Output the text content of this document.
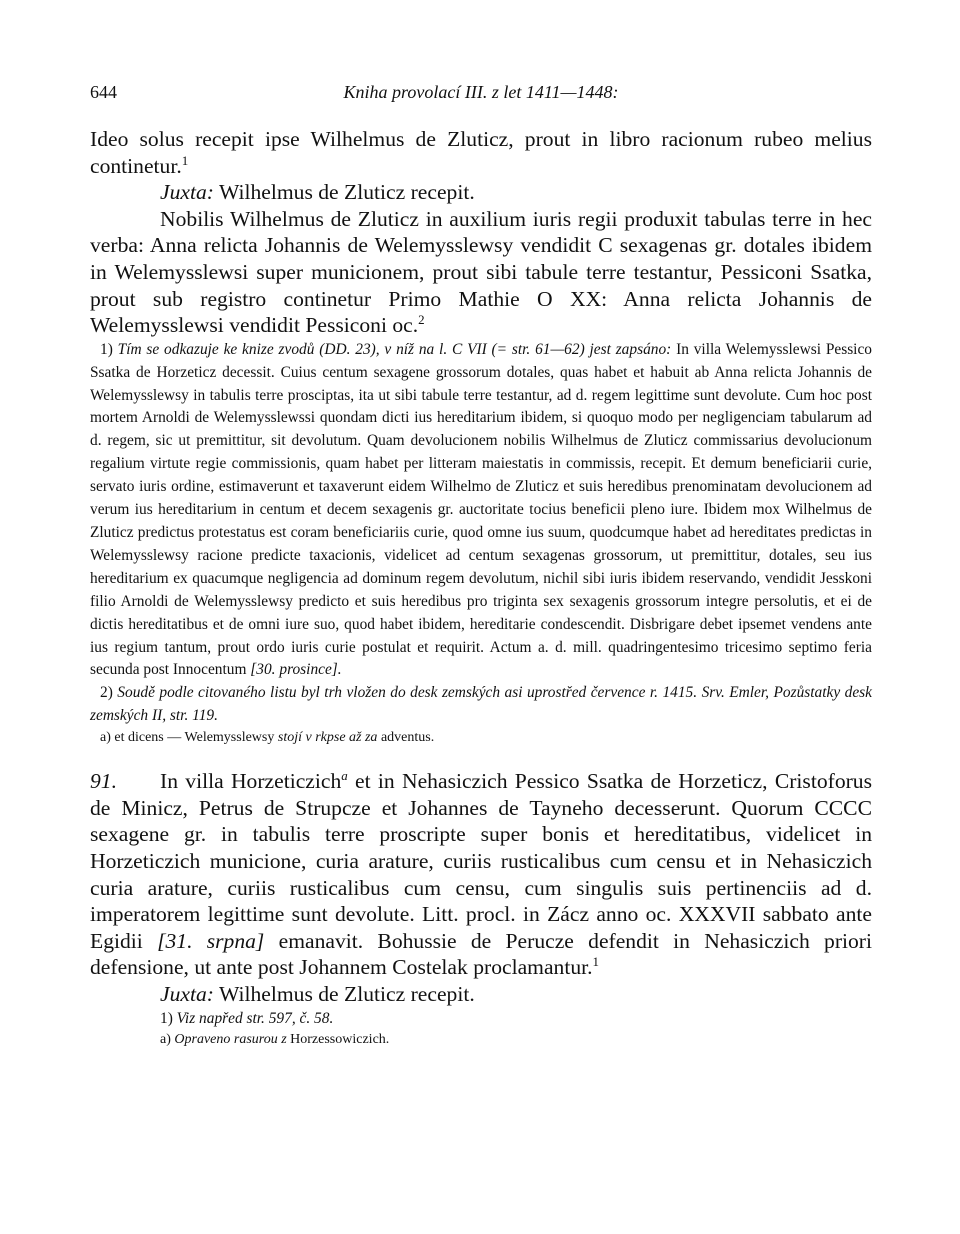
644	Kniha provolací III. z let 1411—1448:

Ideo solus recepit ipse Wilhelmus de Zluticz, prout in libro racionum rubeo melius continetur.$^1$

Juxta: Wilhelmus de Zluticz recepit.

Nobilis Wilhelmus de Zluticz in auxilium iuris regii produxit tabulas terre in hec verba: Anna relicta Johannis de Welemysslewsy vendidit C sexagenas gr. dotales ibidem in Welemysslewsi super municionem, prout sibi tabule terre testantur, Pessiconi Ssatka, prout sub registro continetur Primo Mathie O XX: Anna relicta Johannis de Welemysslewsi vendidit Pessiconi oc.$^2$

1) Tím se odkazuje ke knize zvodů (DD. 23), v níž na l. C VII (= str. 61—62) jest zapsáno: In villa Welemysslewsi Pessico Ssatka de Horzeticz decessit. Cuius centum sexagene grossorum dotales, quas habet et habuit ab Anna relicta Johannis de Welemysslewsy in tabulis terre prosciptas, ita ut sibi tabule terre testantur, ad d. regem legittime sunt devolute. Cum hoc post mortem Arnoldi de Welemysslewssi quondam dicti ius hereditarium ibidem, si quoquo modo per negligenciam tabularum ad d. regem, sic ut premittitur, sit devolutum. Quam devolucionem nobilis Wilhelmus de Zluticz commissarius devolucionum regalium virtute regie commissionis, quam habet per litteram maiestatis in commissis, recepit. Et demum beneficiarii curie, servato iuris ordine, estimaverunt et taxaverunt eidem Wilhelmo de Zluticz et suis heredibus prenominatam devolucionem ad verum ius hereditarium in centum et decem sexagenis gr. auctoritate tocius beneficii pleno iure. Ibidem mox Wilhelmus de Zluticz predictus protestatus est coram beneficiariis curie, quod omne ius suum, quodcumque habet ad hereditates predictas in Welemysslewsy racione predicte taxacionis, videlicet ad centum sexagenas grossorum, ut premittitur, dotales, seu ius hereditarium ex quacumque negligencia ad dominum regem devolutum, nichil sibi iuris ibidem reservando, vendidit Jesskoni filio Arnoldi de Welemysslewsy predicto et suis heredibus pro triginta sex sexagenis grossorum integre persolutis, et ei de dictis hereditatibus et de omni iure suo, quod habet ibidem, hereditarie condescendit. Disbrigare debet ipsemet vendens ante ius regium tantum, prout ordo iuris curie postulat et requirit. Actum a. d. mill. quadringentesimo tricesimo septimo feria secunda post Innocentum [30. prosince].

2) Soudě podle citovaného listu byl trh vložen do desk zemských asi uprostřed července r. 1415. Srv. Emler, Pozůstatky desk zemských II, str. 119.

a) et dicens — Welemysslewsy stojí v rkpse až za adventus.

91. In villa Horzeticzich$^a$ et in Nehasiczich Pessico Ssatka de Horzeticz, Cristoforus de Minicz, Petrus de Strupcze et Johannes de Tayneho decesserunt. Quorum CCCC sexagene gr. in tabulis terre proscripte super bonis et hereditatibus, videlicet in Horzeticzich municione, curia arature, curiis rusticalibus cum censu et in Nehasiczich curia arature, curiis rusticalibus cum censu, cum singulis suis pertinenciis ad d. imperatorem legittime sunt devolute. Litt. procl. in Zácz anno oc. XXXVII sabbato ante Egidii [31. srpna] emanavit. Bohussie de Perucze defendit in Nehasiczich priori defensione, ut ante post Johannem Costelak proclamantur.$^1$

Juxta: Wilhelmus de Zluticz recepit.

1) Viz napřed str. 597, č. 58.

a) Opraveno rasurou z Horzessowiczich.
